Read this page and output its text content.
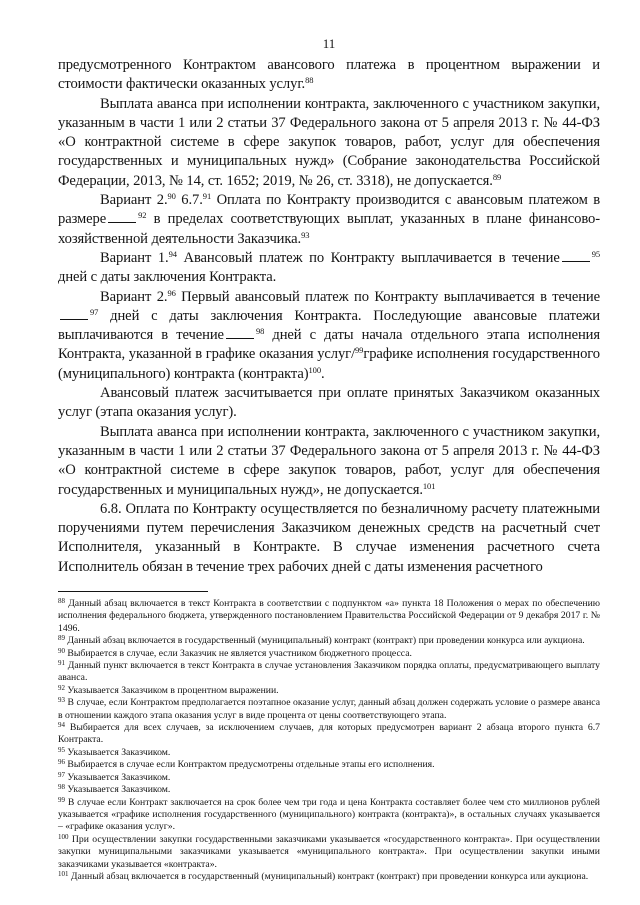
11

предусмотренного Контрактом авансового платежа в процентном выражении и стоимости фактически оказанных услуг.$^{88}$

Выплата аванса при исполнении контракта, заключенного с участником закупки, указанным в части 1 или 2 статьи 37 Федерального закона от 5 апреля 2013 г. № 44-ФЗ «О контрактной системе в сфере закупок товаров, работ, услуг для обеспечения государственных и муниципальных нужд» (Собрание законодательства Российской Федерации, 2013, № 14, ст. 1652; 2019, № 26, ст. 3318), не допускается.$^{89}$

Вариант 2.90 6.7.91 Оплата по Контракту производится с авансовым платежом в размере	$^{92}$ в пределах соответствующих выплат, указанных в плане финансово-хозяйственной деятельности Заказчика.$^{93}$

Вариант 1.94 Авансовый платеж по Контракту выплачивается в течение	$^{95}$ дней с даты заключения Контракта.

Вариант 2.96 Первый авансовый платеж по Контракту выплачивается в течение$^{97}$ дней с даты заключения Контракта. Последующие авансовые платежи выплачиваются в течение	$^{98}$ дней с даты начала отдельного этапа исполнения Контракта, указанной в графике оказания услуг/$^{99}$графике исполнения государственного (муниципального) контракта (контракта)$^{100}$.

Авансовый платеж засчитывается при оплате принятых Заказчиком оказанных услуг (этапа оказания услуг).

Выплата аванса при исполнении контракта, заключенного с участником закупки, указанным в части 1 или 2 статьи 37 Федерального закона от 5 апреля 2013 г. № 44-ФЗ «О контрактной системе в сфере закупок товаров, работ, услуг для обеспечения государственных и муниципальных нужд», не допускается.$^{101}$

6.8. Оплата по Контракту осуществляется по безналичному расчету платежными поручениями путем перечисления Заказчиком денежных средств на расчетный счет Исполнителя, указанный в Контракте. В случае изменения расчетного счета Исполнитель обязан в течение трех рабочих дней с даты изменения расчетного

$^{88}$ Данный абзац включается в текст Контракта в соответствии с подпунктом «а» пункта 18 Положения о мерах по обеспечению исполнения федерального бюджета, утвержденного постановлением Правительства Российской Федерации от 9 декабря 2017 г. № 1496.

$^{89}$ Данный абзац включается в государственный (муниципальный) контракт (контракт) при проведении конкурса или аукциона.

$^{90}$ Выбирается в случае, если Заказчик не является участником бюджетного процесса.

$^{91}$ Данный пункт включается в текст Контракта в случае установления Заказчиком порядка оплаты, предусматривающего выплату аванса.

$^{92}$ Указывается Заказчиком в процентном выражении.

$^{93}$ В случае, если Контрактом предполагается поэтапное оказание услуг, данный абзац должен содержать условие о размере аванса в отношении каждого этапа оказания услуг в виде процента от цены соответствующего этапа.

$^{94}$ Выбирается для всех случаев, за исключением случаев, для которых предусмотрен вариант 2 абзаца второго пункта 6.7 Контракта.

$^{95}$ Указывается Заказчиком.

$^{96}$ Выбирается в случае если Контрактом предусмотрены отдельные этапы его исполнения.

$^{97}$ Указывается Заказчиком.

$^{98}$ Указывается Заказчиком.

$^{99}$ В случае если Контракт заключается на срок более чем три года и цена Контракта составляет более чем сто миллионов рублей указывается «графике исполнения государственного (муниципального) контракта (контракта)», в остальных случаях указывается – «графике оказания услуг».

$^{100}$ При осуществлении закупки государственными заказчиками указывается «государственного контракта». При осуществлении закупки муниципальными заказчиками указывается «муниципального контракта». При осуществлении закупки иными заказчиками указывается «контракта».

$^{101}$ Данный абзац включается в государственный (муниципальный) контракт (контракт) при проведении конкурса или аукциона.
